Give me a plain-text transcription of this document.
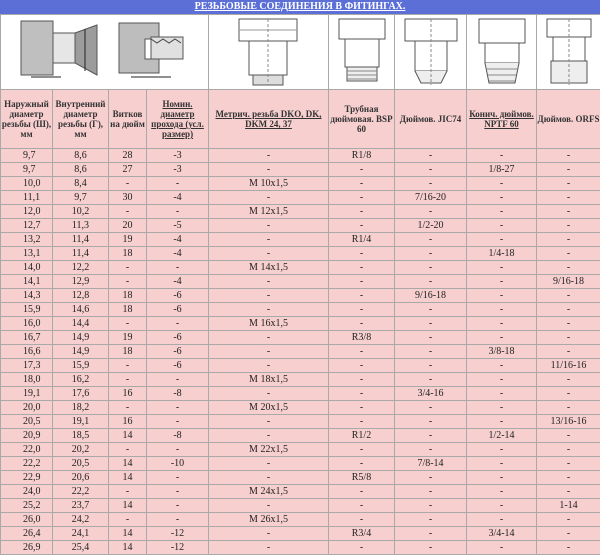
РЕЗЬБОВЫЕ СОЕДИНЕНИЯ В ФИТИНГАХ.

Наружный диаметр резьбы (Ш), мм	Внутренний диаметр резьбы (Г), мм	Витков на дюйм	Номин. диаметр прохода (усл. размер)	Метрич. резьба DKO, DK, DKM 24, 37	Трубная дюймовая. BSP 60	Дюймов. JIC74	Конич. дюймов. NPTF 60	Дюймов. ORFS
9,7	8,6	28	-3	-	R1/8	-	-	-
9,7	8,6	27	-3	-	-	-	1/8-27	-
10,0	8,4	-	-	M 10x1,5	-	-	-	-
11,1	9,7	30	-4	-	-	7/16-20	-	-
12,0	10,2	-	-	M 12x1,5	-	-	-	-
12,7	11,3	20	-5	-	-	1/2-20	-	-
13,2	11,4	19	-4	-	R1/4	-	-	-
13,1	11,4	18	-4	-	-	-	1/4-18	-
14,0	12,2	-	-	M 14x1,5	-	-	-	-
14,1	12,9	-	-4	-	-	-	-	9/16-18
14,3	12,8	18	-6	-	-	9/16-18	-	-
15,9	14,6	18	-6	-	-	-	-	-
16,0	14,4	-	-	M 16x1,5	-	-	-	-
16,7	14,9	19	-6	-	R3/8	-	-	-
16,6	14,9	18	-6	-	-	-	3/8-18	-
17,3	15,9	-	-6	-	-	-	-	11/16-16
18,0	16,2	-	-	M 18x1,5	-	-	-	-
19,1	17,6	16	-8	-	-	3/4-16	-	-
20,0	18,2	-	-	M 20x1,5	-	-	-	-
20,5	19,1	16	-	-	-	-	-	13/16-16
20,9	18,5	14	-8	-	R1/2	-	1/2-14	-
22,0	20,2	-	-	M 22x1,5	-	-	-	-
22,2	20,5	14	-10	-	-	7/8-14	-	-
22,9	20,6	14	-	-	R5/8	-	-	-
24,0	22,2	-	-	M 24x1,5	-	-	-	-
25,2	23,7	14	-	-	-	-	-	1-14
26,0	24,2	-	-	M 26x1,5	-	-	-	-
26,4	24,1	14	-12	-	R3/4	-	3/4-14	-
26,9	25,4	14	-12	-	-	-	-	-
